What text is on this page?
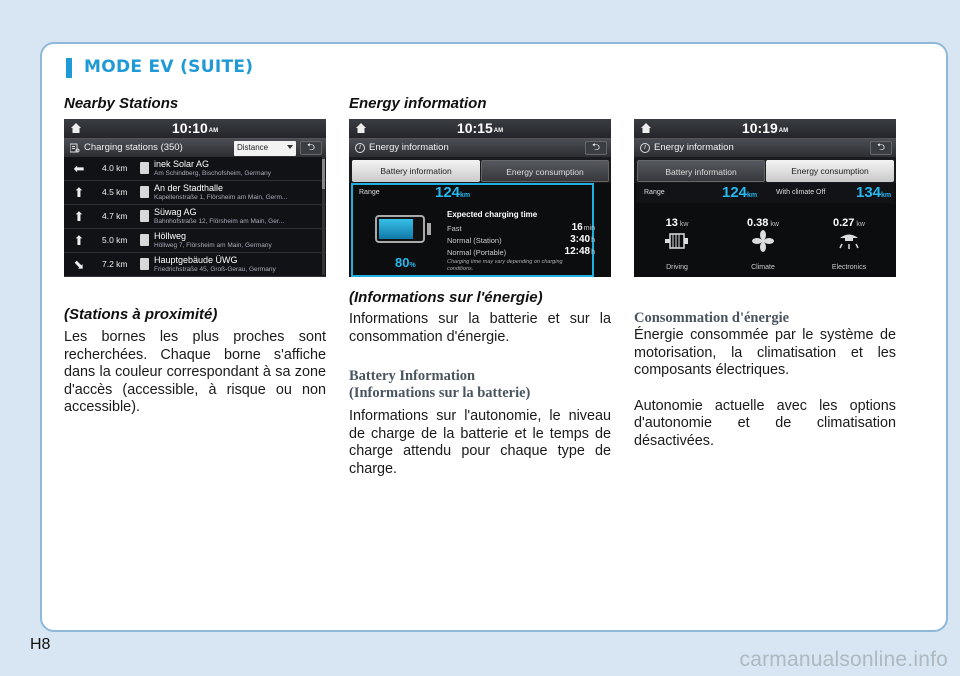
MODE EV (SUITE)
Nearby Stations
10:10AM
Charging stations (350)	Distance	⮌
⬅ 4.0 km	inek Solar AG
Am Schindberg, Bischofsheim, Germany
⬆ 4.5 km	An der Stadthalle
Kapellenstraße 1, Flörsheim am Main, Germ...
⬆ 4.7 km	Süwag AG
Bahnhofstraße 12, Flörsheim am Main, Ger...
⬆ 5.0 km	Höllweg
Höllweg 7, Flörsheim am Main, Germany
⬊ 7.2 km	Hauptgebäude ÜWG
Friedrichstraße 45, Groß-Gerau, Germany
(Stations à proximité)
Les bornes les plus proches sont recherchées. Chaque borne s'affiche dans la couleur correspondant à sa zone d'accès (accessible, à risque ou non accessible).
Energy information
10:15AM
i Energy information	⮌
Battery information	Energy consumption
Range	124km
80%
Expected charging time
Fast	16min
Normal (Station)	3:40h
Normal (Portable)	12:48h
Charging time may vary depending on charging conditions.
(Informations sur l'énergie)
Informations sur la batterie et sur la consommation d'énergie.
Battery Information
(Informations sur la batterie)
Informations sur l'autonomie, le niveau de charge de la batterie et le temps de charge attendu pour chaque type de charge.
10:19AM
i Energy information	⮌
Battery information	Energy consumption
Range	124km	With climate Off 134km
13 kw
Driving
0.38 kw
Climate
0.27 kw
Electronics
Consommation d'énergie
Énergie consommée par le système de motorisation, la climatisation et les composants électriques.
Autonomie actuelle avec les options d'autonomie et de climatisation désactivées.
H8
carmanualsonline.info
